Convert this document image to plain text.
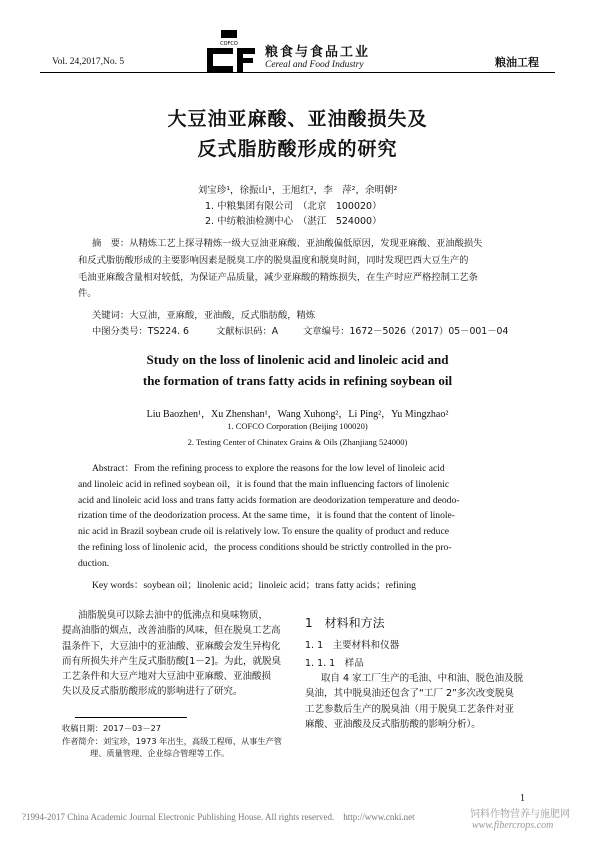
Vol. 24,2017,No. 5
COFCO
粮食与食品工业
Cereal and Food Industry	粮油工程
大豆油亚麻酸、亚油酸损失及
反式脂肪酸形成的研究
刘宝珍¹，徐振山¹，王旭红²，李　萍²，余明朝²
1. 中粮集团有限公司　（北京　100020）
2. 中纺粮油检测中心　（湛江　524000）
摘　要：从精炼工艺上探寻精炼一级大豆油亚麻酸、亚油酸偏低原因，发现亚麻酸、亚油酸损失
和反式脂肪酸形成的主要影响因素是脱臭工序的脱臭温度和脱臭时间，同时发现巴西大豆生产的
毛油亚麻酸含量相对较低，为保证产品质量，减少亚麻酸的精炼损失，在生产时应严格控制工艺条
件。
关键词：大豆油，亚麻酸，亚油酸，反式脂肪酸，精炼
中图分类号：TS224. 6	文献标识码：A	文章编号：1672－5026（2017）05－001－04
Study on the loss of linolenic acid and linoleic acid and
the formation of trans fatty acids in refining soybean oil
Liu Baozhen¹，Xu Zhenshan¹，Wang Xuhong²，Li Ping²，Yu Mingzhao²
1. COFCO Corporation (Beijing 100020)
2. Testing Center of Chinatex Grains & Oils (Zhanjiang 524000)
Abstract：From the refining process to explore the reasons for the low level of linoleic acid
and linoleic acid in refined soybean oil，it is found that the main influencing factors of linolenic
acid and linoleic acid loss and trans fatty acids formation are deodorization temperature and deodo-
rization time of the deodorization process. At the same time，it is found that the content of linole-
nic acid in Brazil soybean crude oil is relatively low. To ensure the quality of product and reduce
the refining loss of linolenic acid，the process conditions should be strictly controlled in the pro-
duction.
Key words：soybean oil；linolenic acid；linoleic acid；trans fatty acids；refining
油脂脱臭可以除去油中的低沸点和臭味物质，
提高油脂的烟点，改善油脂的风味，但在脱臭工艺高
温条件下，大豆油中的亚油酸、亚麻酸会发生异构化
而有所损失并产生反式脂肪酸[1－2]。为此，就脱臭
工艺条件和大豆产地对大豆油中亚麻酸、亚油酸损
失以及反式脂肪酸形成的影响进行了研究。
收稿日期：2017－03－27
作者简介：刘宝珍，1973 年出生，高级工程师，从事生产管
理、质量管理、企业综合管理等工作。
1　材料和方法
1. 1　主要材料和仪器
1. 1. 1　样品
取自 4 家工厂生产的毛油、中和油、脱色油及脱
臭油，其中脱臭油还包含了“工厂 2”多次改变脱臭
工艺参数后生产的脱臭油（用于脱臭工艺条件对亚
麻酸、亚油酸及反式脂肪酸的影响分析）。
1
?1994-2017 China Academic Journal Electronic Publishing House. All rights reserved.　http://www.cnki.net	饲料作物营养与施肥网
www.fibercrops.com
